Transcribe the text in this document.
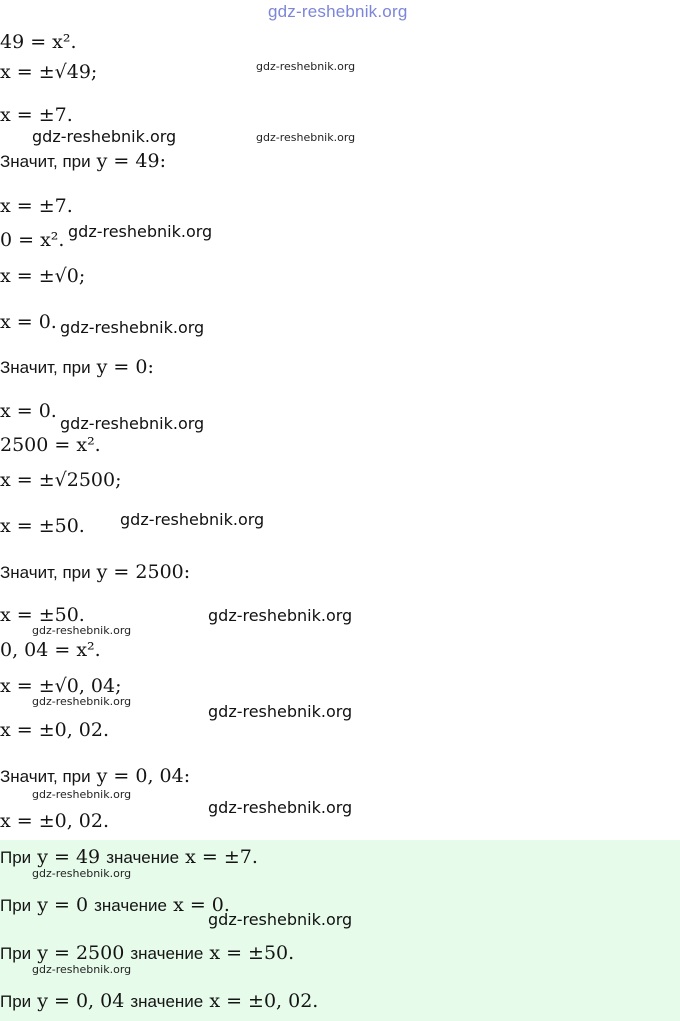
gdz-reshebnik.org
49 = x².
x = ±√49;
x = ±7.
Значит, при y = 49:
x = ±7.
0 = x².
x = ±√0;
x = 0.
Значит, при y = 0:
x = 0.
2500 = x².
x = ±√2500;
x = ±50.
Значит, при y = 2500:
x = ±50.
0, 04 = x².
x = ±√0, 04;
x = ±0, 02.
Значит, при y = 0, 04:
x = ±0, 02.
При y = 49 значение x = ±7.
При y = 0 значение x = 0.
При y = 2500 значение x = ±50.
При y = 0, 04 значение x = ±0, 02.
gdz-reshebnik.org
gdz-reshebnik.org	gdz-reshebnik.org
gdz-reshebnik.org
gdz-reshebnik.org
gdz-reshebnik.org
gdz-reshebnik.org
gdz-reshebnik.org
gdz-reshebnik.org
gdz-reshebnik.org
gdz-reshebnik.org
gdz-reshebnik.org
gdz-reshebnik.org
gdz-reshebnik.org
gdz-reshebnik.org
gdz-reshebnik.org
